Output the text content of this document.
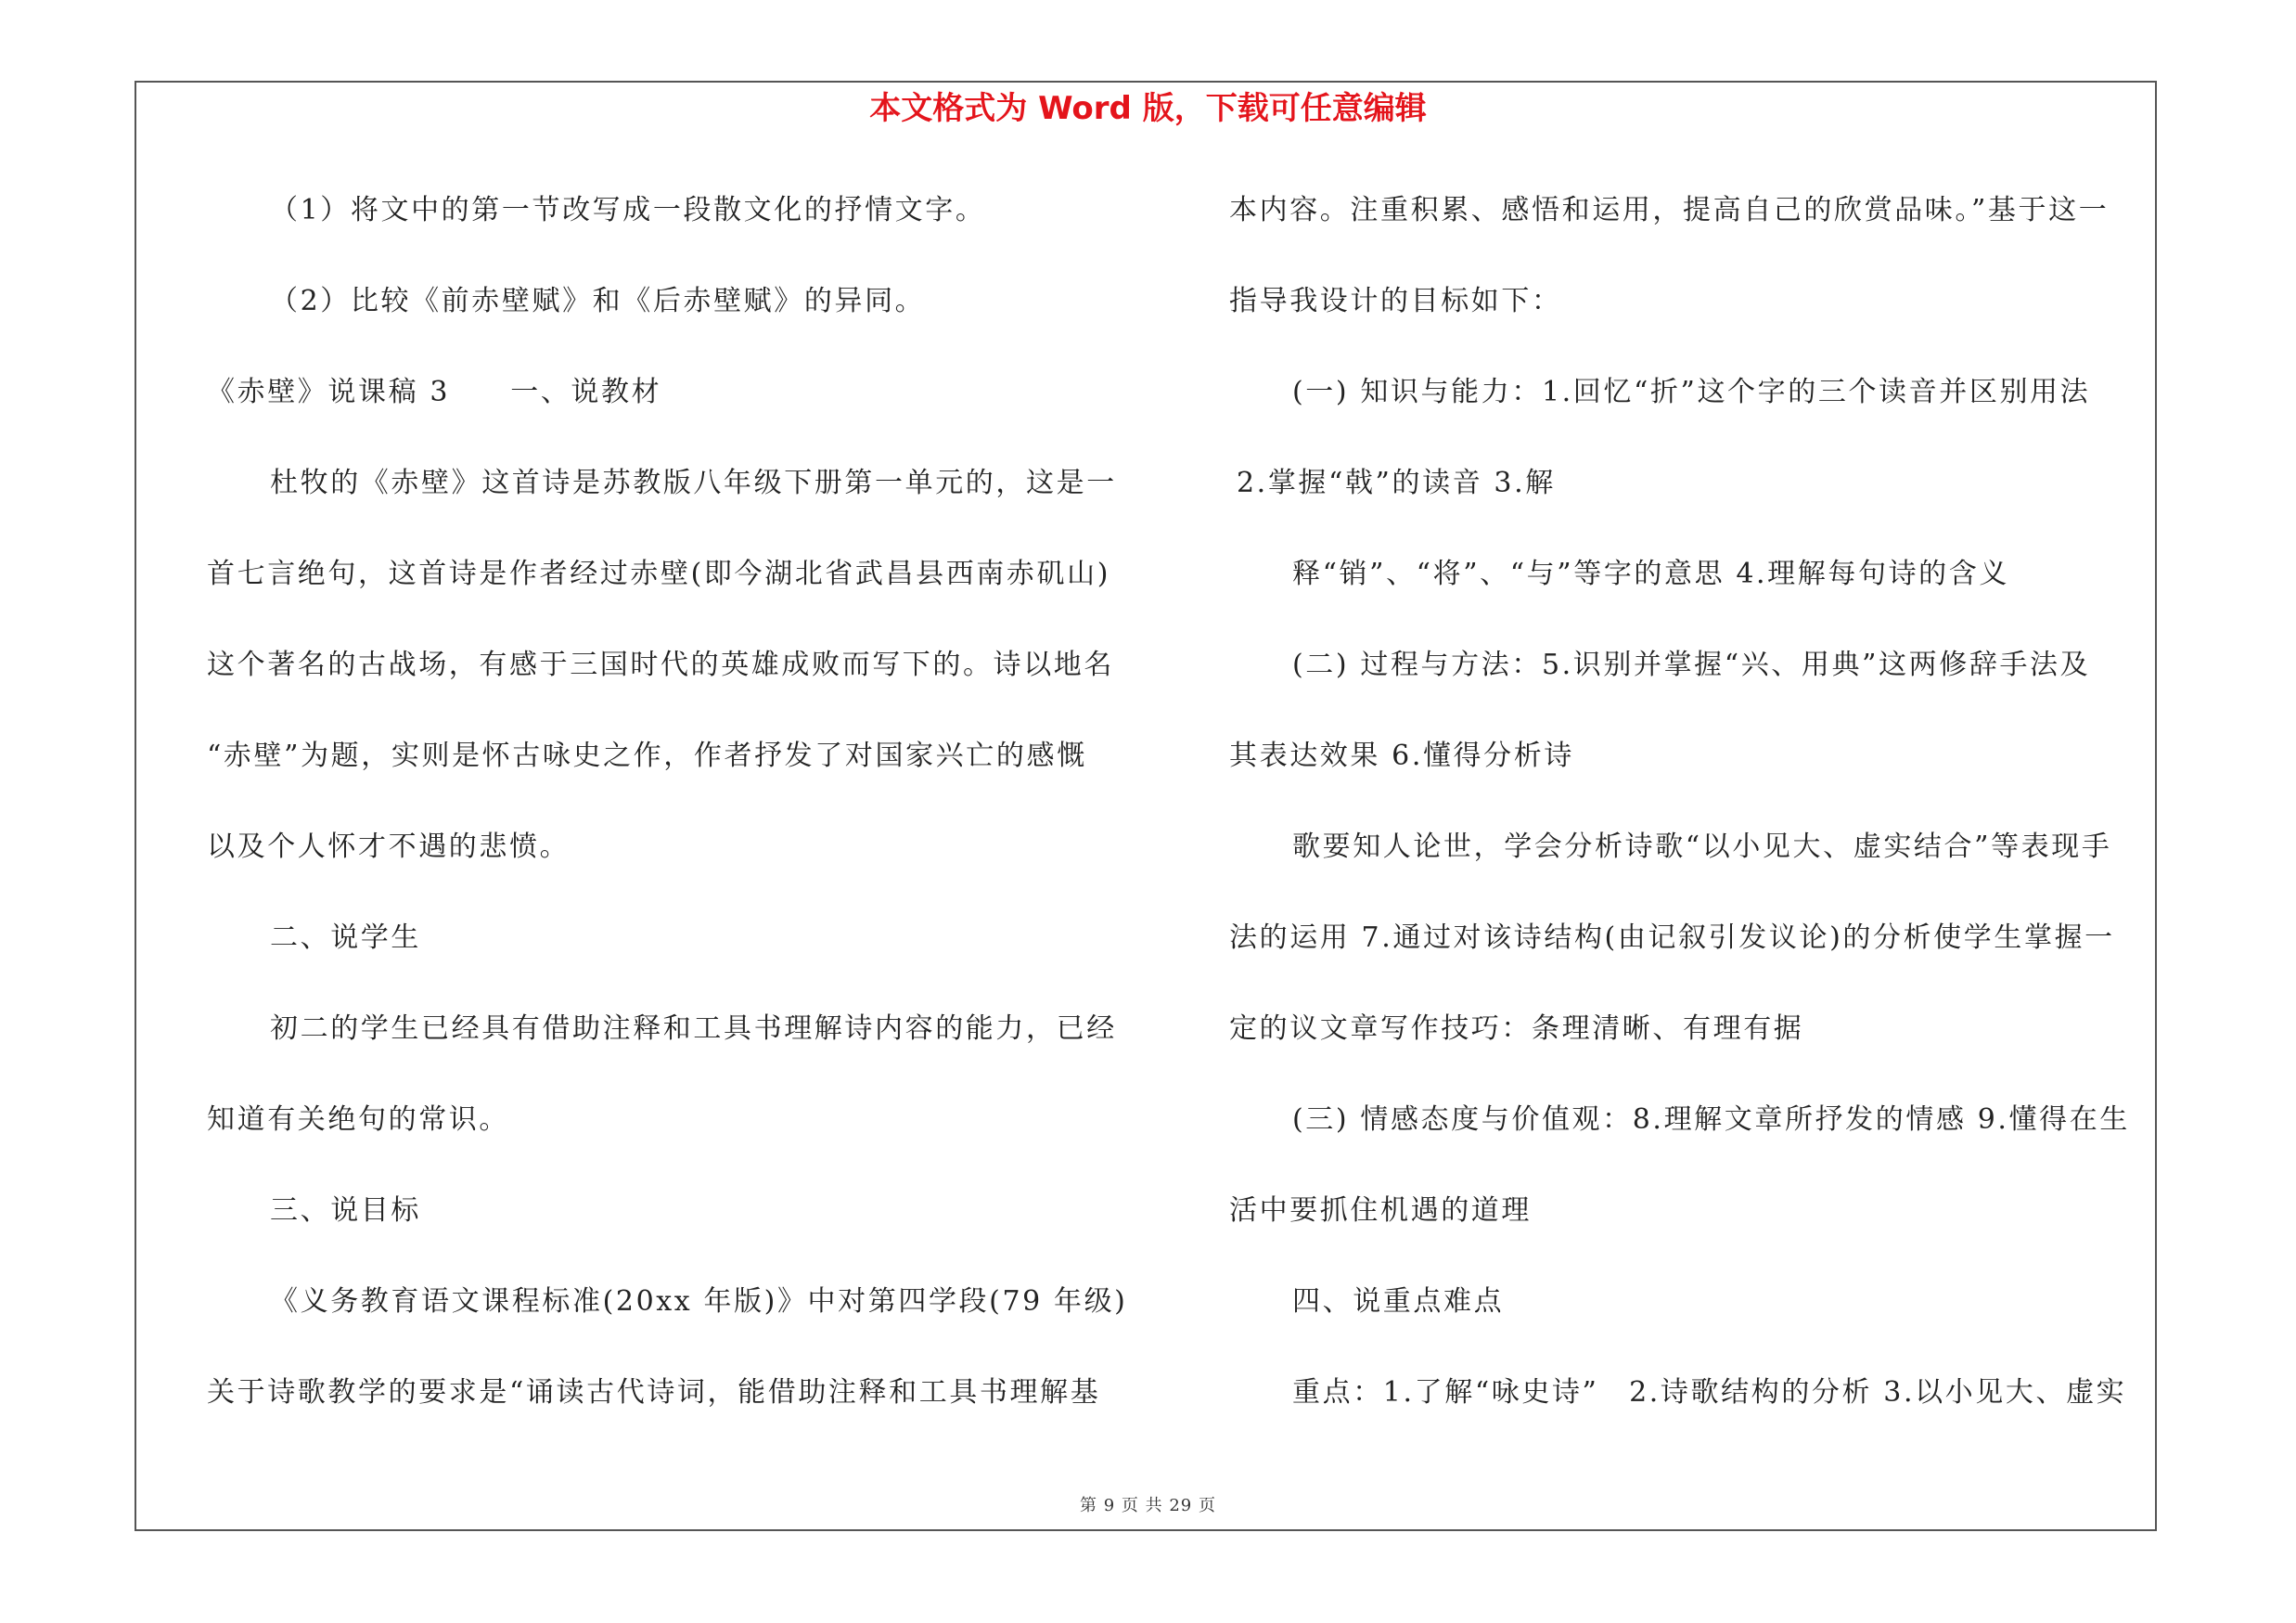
本文格式为 Word 版，下载可任意编辑
（1）将文中的第一节改写成一段散文化的抒情文字。
（2）比较《前赤壁赋》和《后赤壁赋》的异同。
《赤壁》说课稿 3　　一、说教材
杜牧的《赤壁》这首诗是苏教版八年级下册第一单元的，这是一
首七言绝句，这首诗是作者经过赤壁(即今湖北省武昌县西南赤矶山)
这个著名的古战场，有感于三国时代的英雄成败而写下的。诗以地名
“赤壁”为题，实则是怀古咏史之作，作者抒发了对国家兴亡的感慨
以及个人怀才不遇的悲愤。
二、说学生
初二的学生已经具有借助注释和工具书理解诗内容的能力，已经
知道有关绝句的常识。
三、说目标
《义务教育语文课程标准(20xx 年版)》中对第四学段(79 年级)
关于诗歌教学的要求是“诵读古代诗词，能借助注释和工具书理解基
本内容。注重积累、感悟和运用，提高自己的欣赏品味。”基于这一
指导我设计的目标如下：
(一) 知识与能力：1.回忆“折”这个字的三个读音并区别用法
2.掌握“戟”的读音 3.解
释“销”、“将”、“与”等字的意思 4.理解每句诗的含义
(二) 过程与方法：5.识别并掌握“兴、用典”这两修辞手法及
其表达效果 6.懂得分析诗
歌要知人论世，学会分析诗歌“以小见大、虚实结合”等表现手
法的运用 7.通过对该诗结构(由记叙引发议论)的分析使学生掌握一
定的议文章写作技巧：条理清晰、有理有据
(三) 情感态度与价值观：8.理解文章所抒发的情感 9.懂得在生
活中要抓住机遇的道理
四、说重点难点
重点：1.了解“咏史诗”　2.诗歌结构的分析 3.以小见大、虚实
第 9 页 共 29 页
